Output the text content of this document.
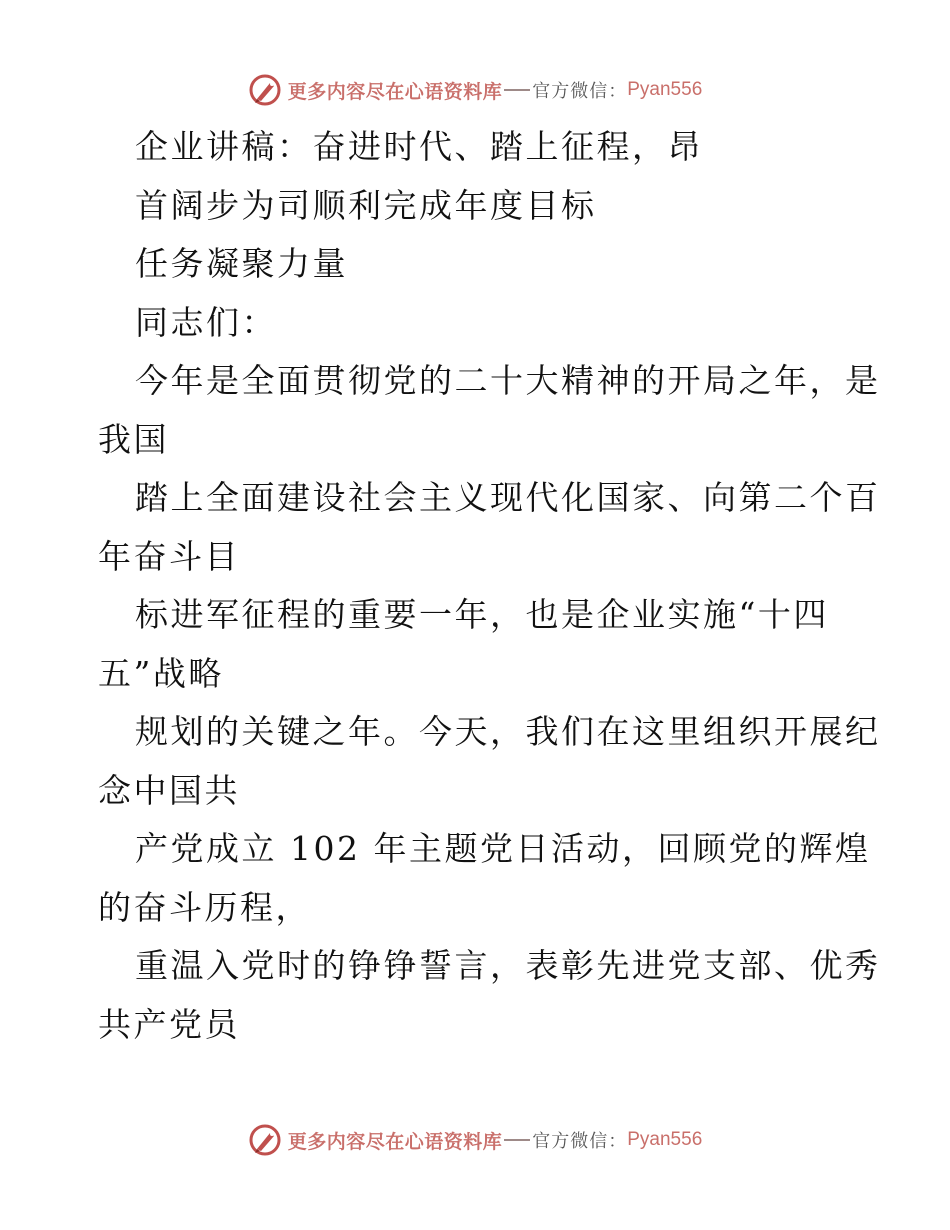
更多内容尽在心语资料库 官方微信： Pyan556
企业讲稿：奋进时代、踏上征程，昂
首阔步为司顺利完成年度目标
任务凝聚力量
同志们：
今年是全面贯彻党的二十大精神的开局之年，是
我国
踏上全面建设社会主义现代化国家、向第二个百
年奋斗目
标进军征程的重要一年，也是企业实施“十四
五”战略
规划的关键之年。今天，我们在这里组织开展纪
念中国共
产党成立 102 年主题党日活动，回顾党的辉煌
的奋斗历程，
重温入党时的铮铮誓言，表彰先进党支部、优秀
共产党员
更多内容尽在心语资料库 官方微信： Pyan556
